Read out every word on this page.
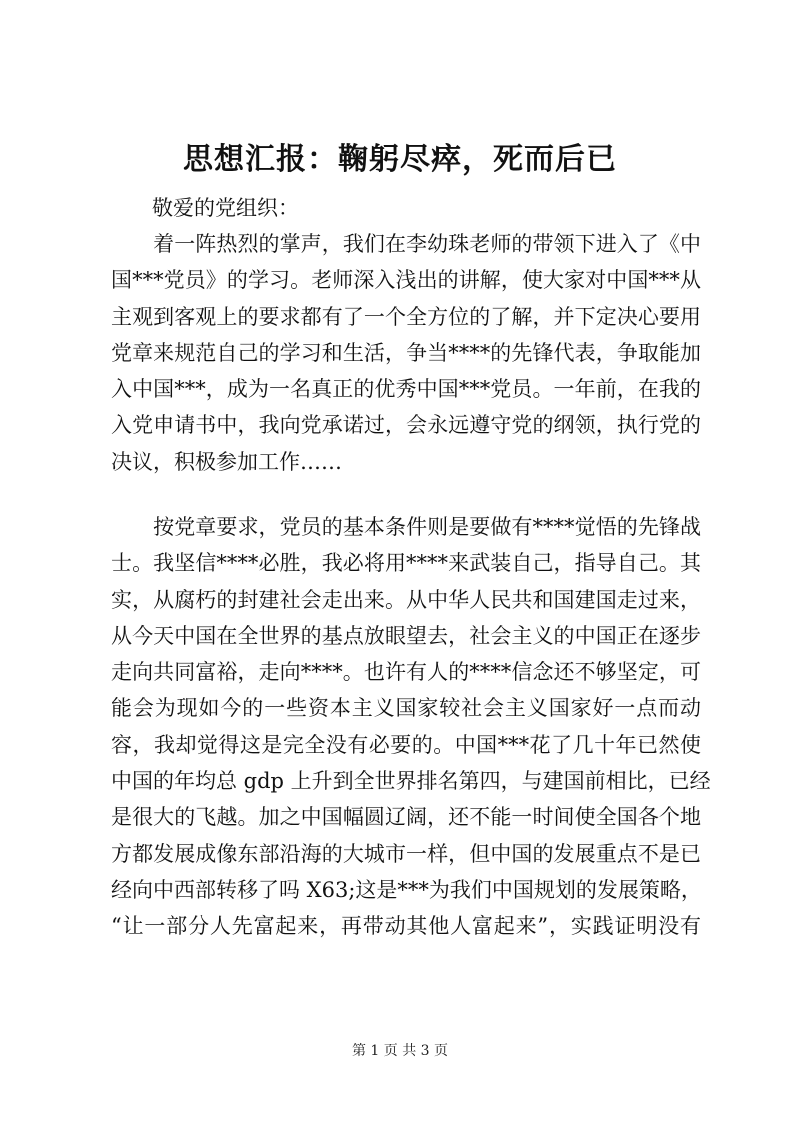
思想汇报：鞠躬尽瘁，死而后已
敬爱的党组织：
　　着一阵热烈的掌声，我们在李幼珠老师的带领下进入了《中
国***党员》的学习。老师深入浅出的讲解，使大家对中国***从
主观到客观上的要求都有了一个全方位的了解，并下定决心要用
党章来规范自己的学习和生活，争当****的先锋代表，争取能加
入中国***，成为一名真正的优秀中国***党员。一年前，在我的
入党申请书中，我向党承诺过，会永远遵守党的纲领，执行党的
决议，积极参加工作……
　　按党章要求，党员的基本条件则是要做有****觉悟的先锋战
士。我坚信****必胜，我必将用****来武装自己，指导自己。其
实，从腐朽的封建社会走出来。从中华人民共和国建国走过来，
从今天中国在全世界的基点放眼望去，社会主义的中国正在逐步
走向共同富裕，走向****。也许有人的****信念还不够坚定，可
能会为现如今的一些资本主义国家较社会主义国家好一点而动
容，我却觉得这是完全没有必要的。中国***花了几十年已然使
中国的年均总 gdp 上升到全世界排名第四，与建国前相比，已经
是很大的飞越。加之中国幅圆辽阔，还不能一时间使全国各个地
方都发展成像东部沿海的大城市一样，但中国的发展重点不是已
经向中西部转移了吗 X63;这是***为我们中国规划的发展策略，
“让一部分人先富起来，再带动其他人富起来”，实践证明没有
第 1 页 共 3 页
